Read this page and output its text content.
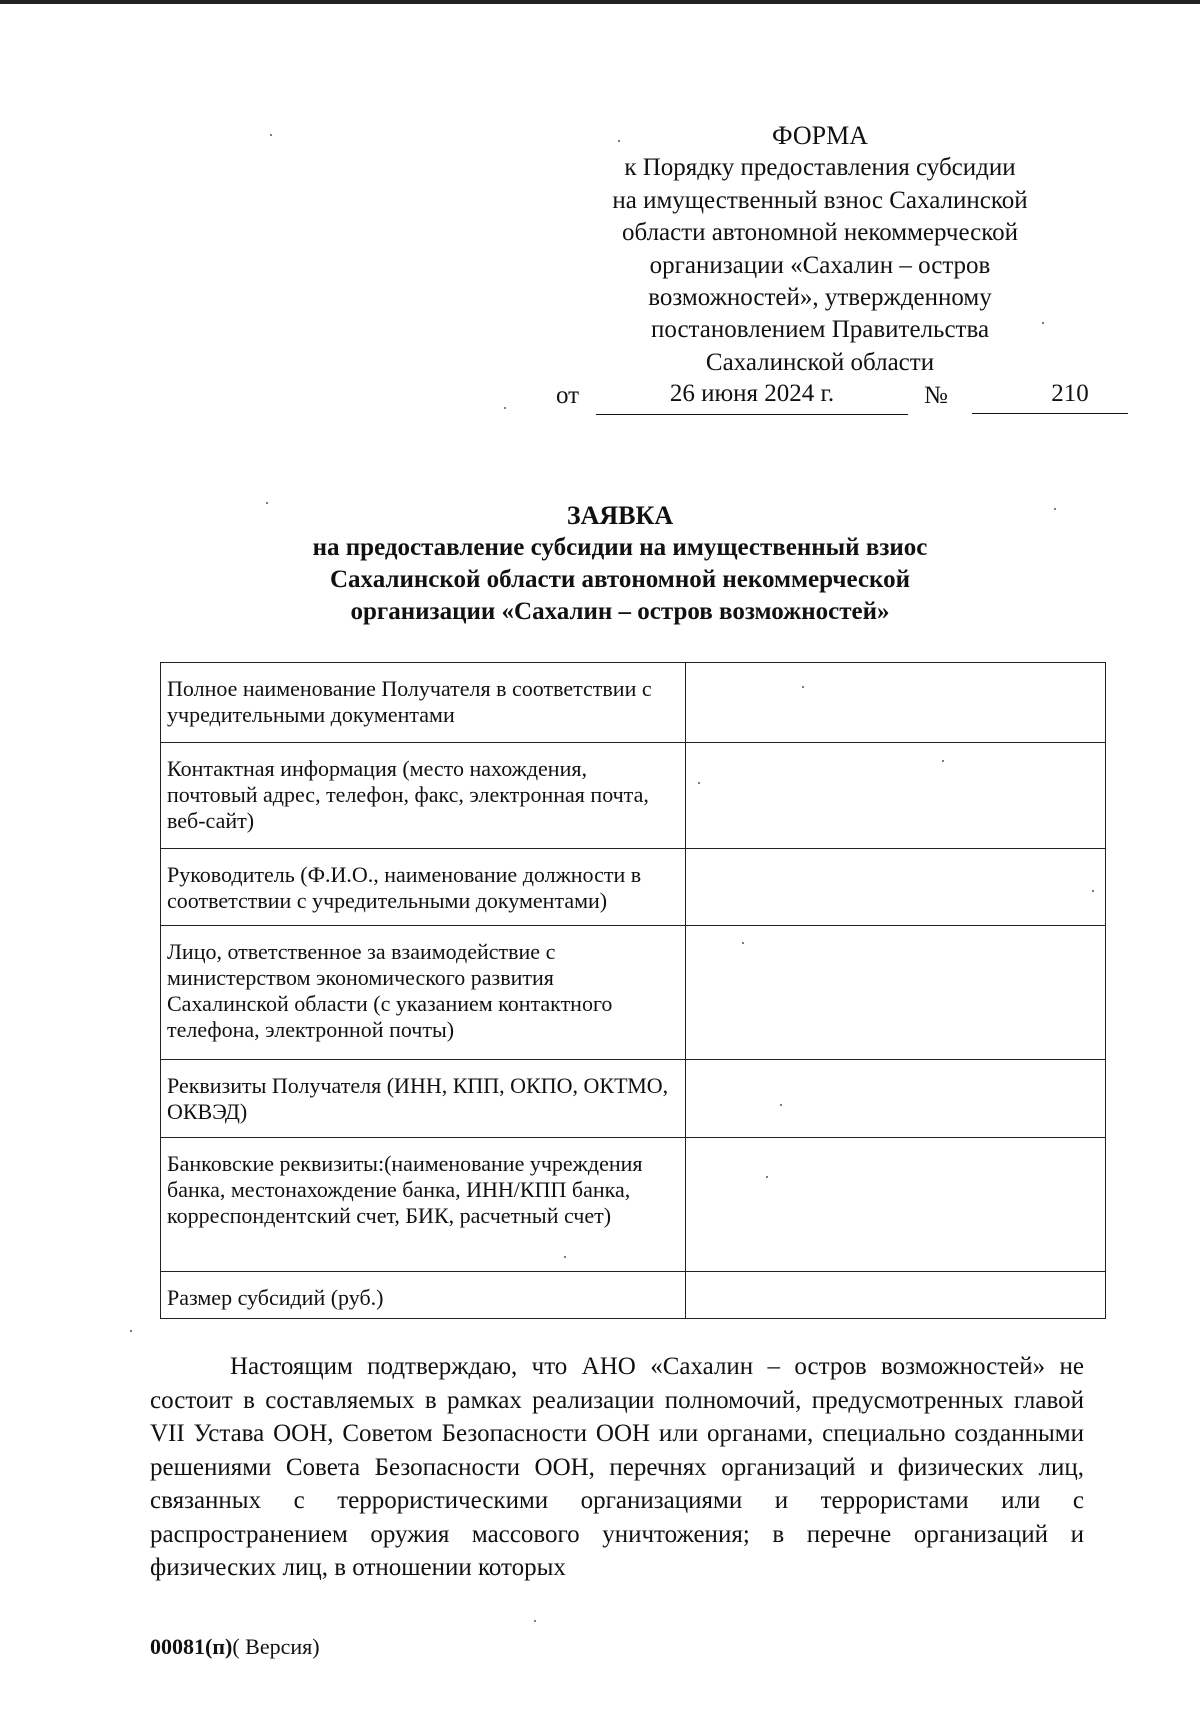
ФОРМА
к Порядку предоставления субсидии
на имущественный взнос Сахалинской
области автономной некоммерческой
организации «Сахалин – остров
возможностей», утвержденному
постановлением Правительства
Сахалинской области
от	26 июня 2024 г.	№	210
ЗАЯВКА
на предоставление субсидии на имущественный взиос
Сахалинской области автономной некоммерческой
организации «Сахалин – остров возможностей»
Полное наименование Получателя в соответствии с учредительными документами	
Контактная информация (место нахождения, почтовый адрес, телефон, факс, электронная почта, веб-сайт)	
Руководитель (Ф.И.О., наименование должности в соответствии с учредительными документами)	
Лицо, ответственное за взаимодействие с министерством экономического развития Сахалинской области (с указанием контактного телефона, электронной почты)	
Реквизиты Получателя (ИНН, КПП, ОКПО, ОКТМО, ОКВЭД)	
Банковские реквизиты:(наименование учреждения банка, местонахождение банка, ИНН/КПП банка, корреспондентский счет, БИК, расчетный счет)	
Размер субсидий (руб.)	

Настоящим подтверждаю, что АНО «Сахалин – остров возможностей» не состоит в составляемых в рамках реализации полномочий, предусмотренных главой VII Устава ООН, Советом Безопасности ООН или органами, специально созданными решениями Совета Безопасности ООН, перечнях организаций и физических лиц, связанных с террористическими организациями и террористами или с распространением оружия массового уничтожения; в перечне организаций и физических лиц, в отношении которых

00081(п)( Версия)
